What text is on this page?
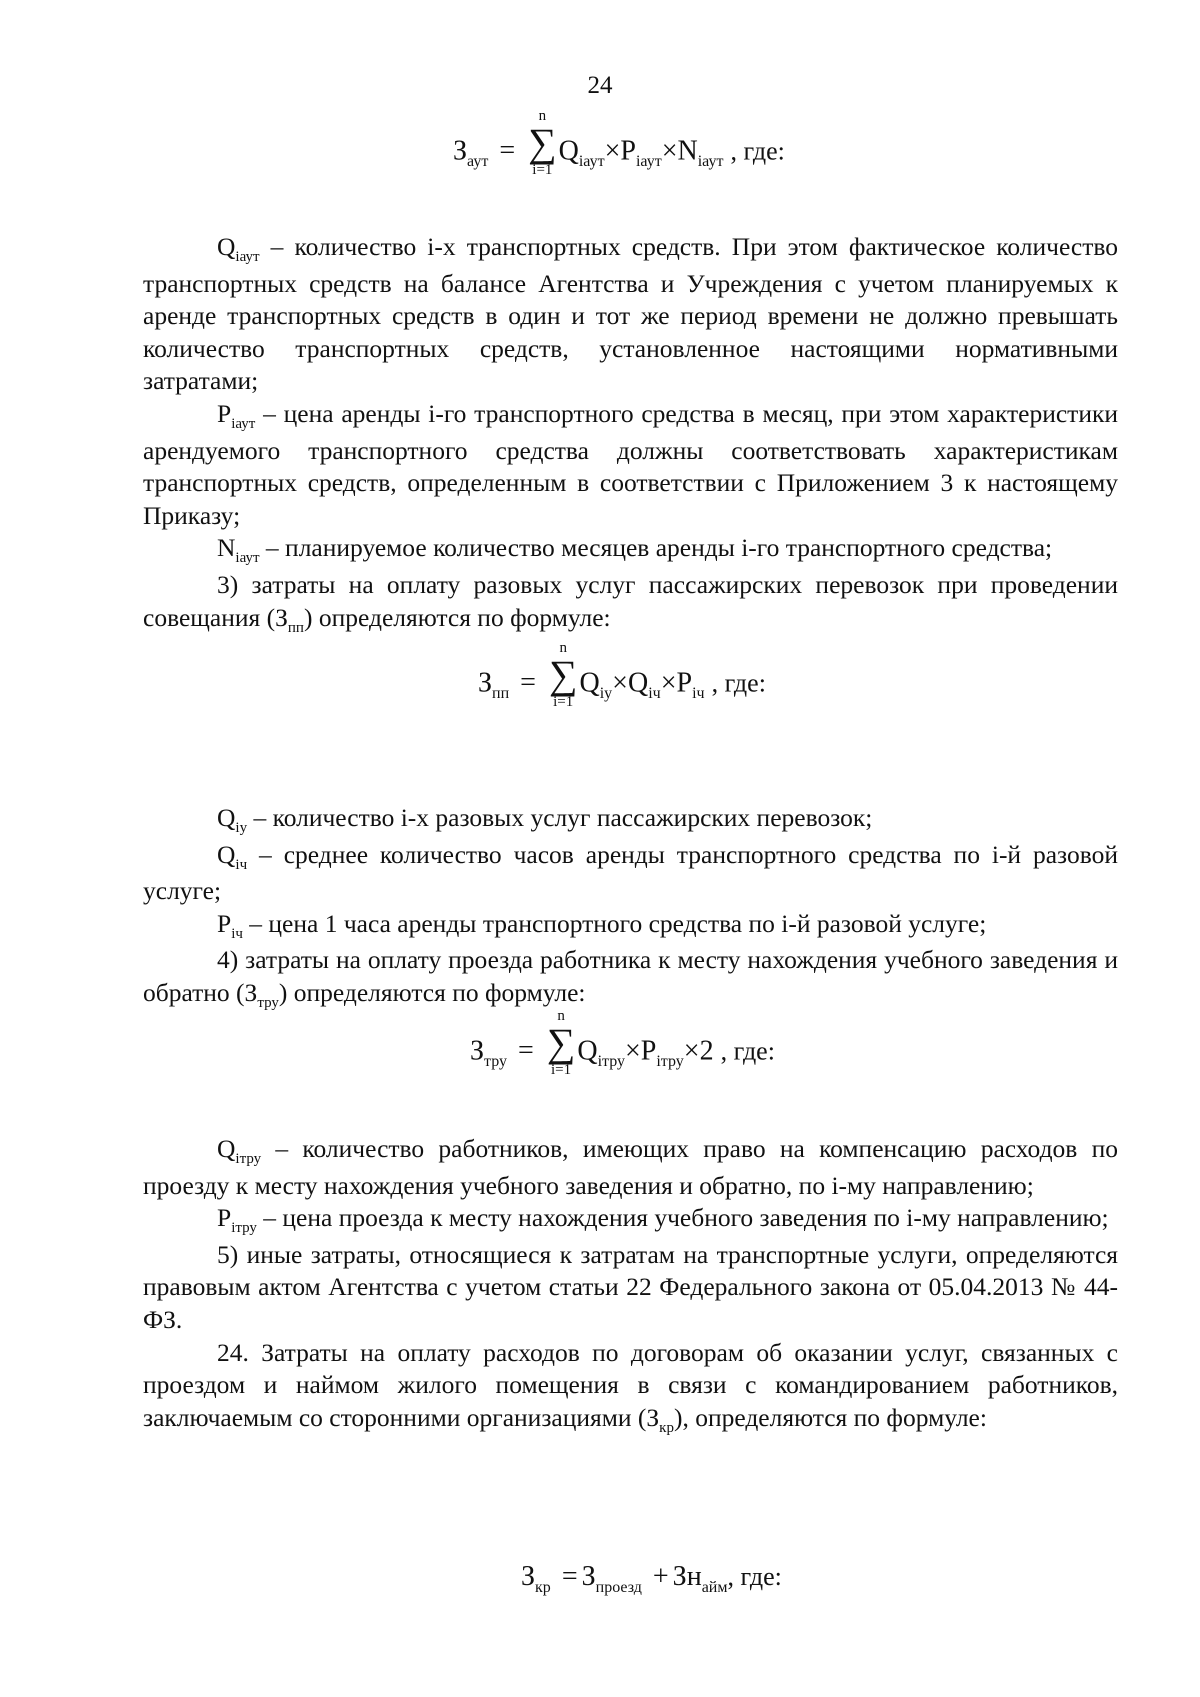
24
$З_{аут}$ =
n
∑
i=1
$Q_{iаут}\times P_{iаут}\times N_{iаут}$ , где:

$Q_{iаут}$ – количество i-х транспортных средств. При этом фактическое количество транспортных средств на балансе Агентства и Учреждения с учетом планируемых к аренде транспортных средств в один и тот же период времени не должно превышать количество транспортных средств, установленное настоящими нормативными затратами;

$P_{iаут}$ – цена аренды i-го транспортного средства в месяц, при этом характеристики арендуемого транспортного средства должны соответствовать характеристикам транспортных средств, определенным в соответствии с Приложением 3 к настоящему Приказу;

$N_{iаут}$ – планируемое количество месяцев аренды i-го транспортного средства;

3) затраты на оплату разовых услуг пассажирских перевозок при проведении совещания $(З_{пп})$ определяются по формуле:

$З_{пп}$ =
n
∑
i=1
$Q_{iу}\times Q_{iч}\times P_{iч}$ , где:

$Q_{iу}$ – количество i-х разовых услуг пассажирских перевозок;

$Q_{iч}$ – среднее количество часов аренды транспортного средства по i-й разовой услуге;

$P_{iч}$ – цена 1 часа аренды транспортного средства по i-й разовой услуге;

4) затраты на оплату проезда работника к месту нахождения учебного заведения и обратно $(З_{тру})$ определяются по формуле:

$З_{тру}$ =
n
∑
i=1
$Q_{iтру}\times P_{iтру}\times 2$ , где:

$Q_{iтру}$ – количество работников, имеющих право на компенсацию расходов по проезду к месту нахождения учебного заведения и обратно, по i-му направлению;

$P_{iтру}$ – цена проезда к месту нахождения учебного заведения по i-му направлению;

5) иные затраты, относящиеся к затратам на транспортные услуги, определяются правовым актом Агентства с учетом статьи 22 Федерального закона от 05.04.2013 № 44-ФЗ.

24. Затраты на оплату расходов по договорам об оказании услуг, связанных с проездом и наймом жилого помещения в связи с командированием работников, заключаемым со сторонними организациями $(З_{кр})$, определяются по формуле:

$З_{кр} = З_{проезд} + Зн_{айм}$, где:
